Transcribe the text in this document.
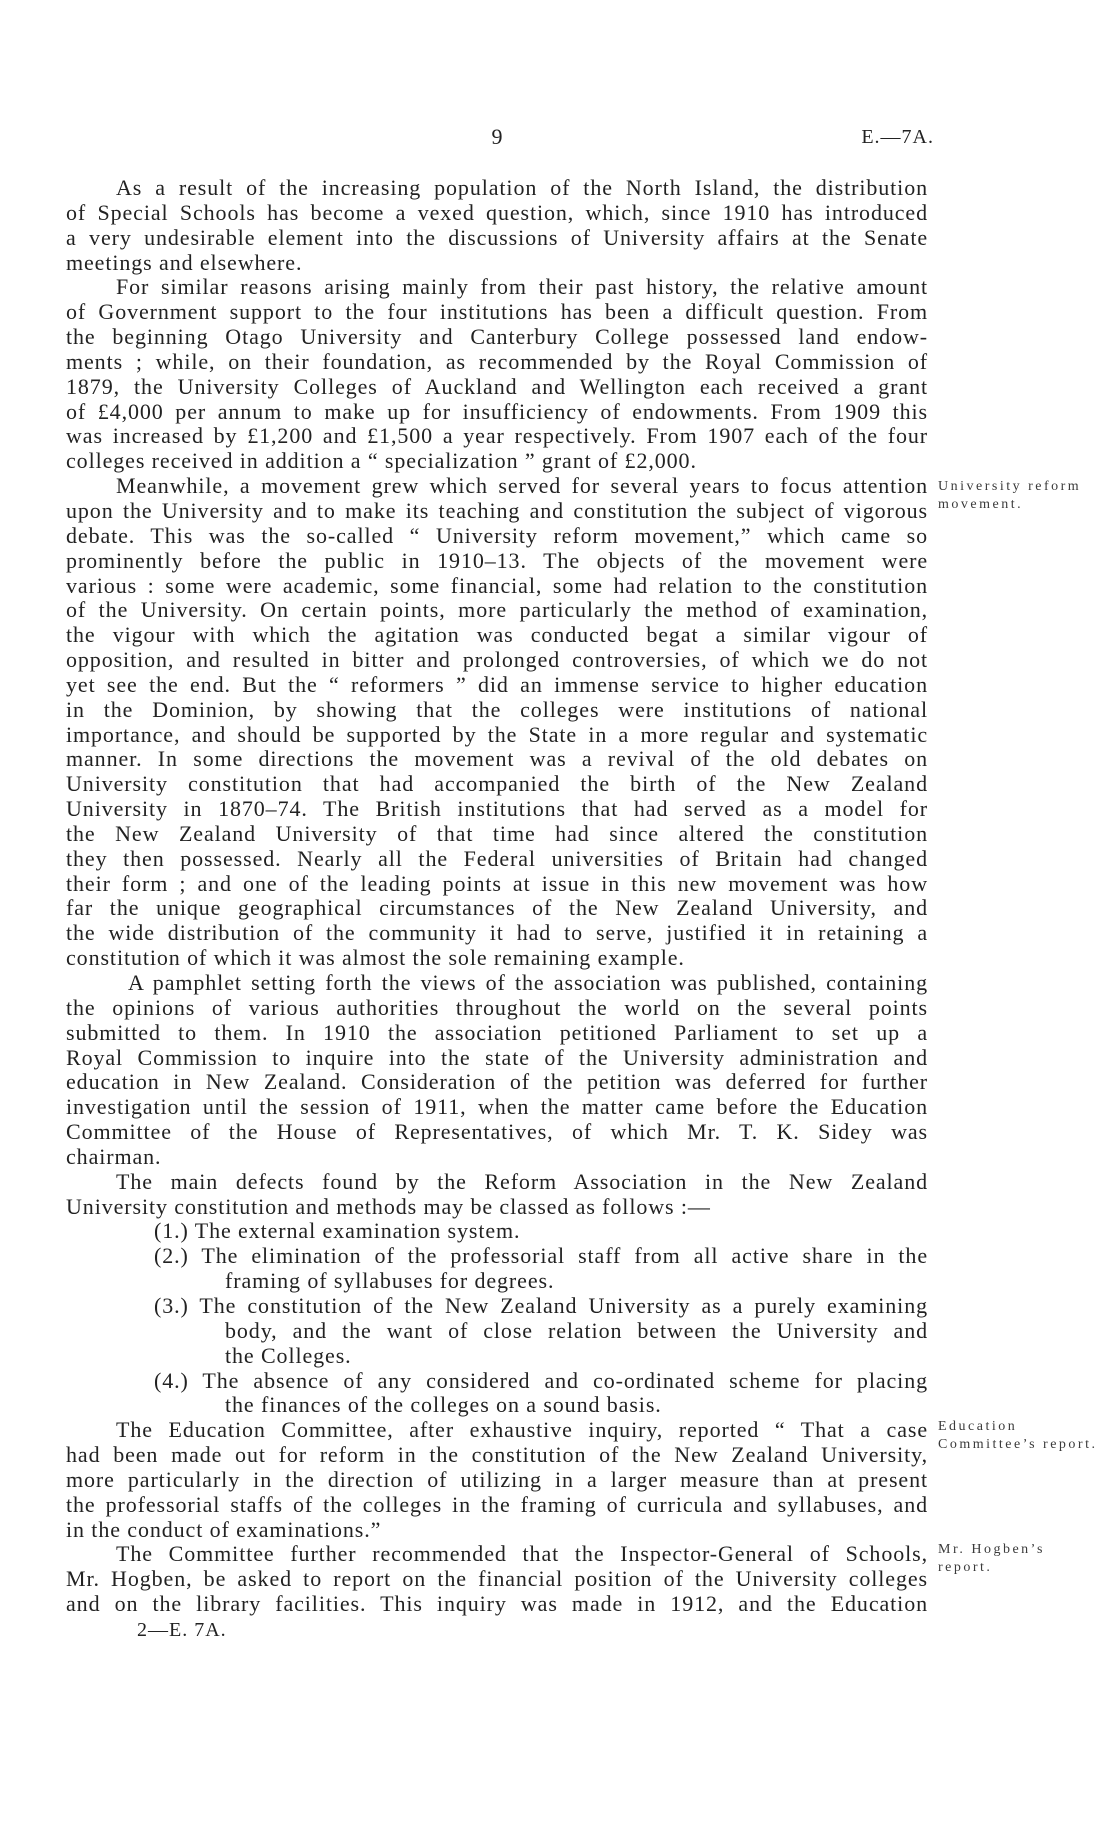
9	E.—7A.
As a result of the increasing population of the North Island, the distribution
of Special Schools has become a vexed question, which, since 1910 has introduced
a very undesirable element into the discussions of University affairs at the Senate
meetings and elsewhere.
For similar reasons arising mainly from their past history, the relative amount
of Government support to the four institutions has been a difficult question. From
the beginning Otago University and Canterbury College possessed land endow-
ments ; while, on their foundation, as recommended by the Royal Commission of
1879, the University Colleges of Auckland and Wellington each received a grant
of £4,000 per annum to make up for insufficiency of endowments. From 1909 this
was increased by £1,200 and £1,500 a year respectively. From 1907 each of the four
colleges received in addition a “ specialization ” grant of £2,000.
Meanwhile, a movement grew which served for several years to focus attention
upon the University and to make its teaching and constitution the subject of vigorous
debate. This was the so-called “ University reform movement,” which came so
prominently before the public in 1910–13. The objects of the movement were
various : some were academic, some financial, some had relation to the constitution
of the University. On certain points, more particularly the method of examination,
the vigour with which the agitation was conducted begat a similar vigour of
opposition, and resulted in bitter and prolonged controversies, of which we do not
yet see the end. But the “ reformers ” did an immense service to higher education
in the Dominion, by showing that the colleges were institutions of national
importance, and should be supported by the State in a more regular and systematic
manner. In some directions the movement was a revival of the old debates on
University constitution that had accompanied the birth of the New Zealand
University in 1870–74. The British institutions that had served as a model for
the New Zealand University of that time had since altered the constitution
they then possessed. Nearly all the Federal universities of Britain had changed
their form ; and one of the leading points at issue in this new movement was how
far the unique geographical circumstances of the New Zealand University, and
the wide distribution of the community it had to serve, justified it in retaining a
constitution of which it was almost the sole remaining example.
A pamphlet setting forth the views of the association was published, containing
the opinions of various authorities throughout the world on the several points
submitted to them. In 1910 the association petitioned Parliament to set up a
Royal Commission to inquire into the state of the University administration and
education in New Zealand. Consideration of the petition was deferred for further
investigation until the session of 1911, when the matter came before the Education
Committee of the House of Representatives, of which Mr. T. K. Sidey was
chairman.
The main defects found by the Reform Association in the New Zealand
University constitution and methods may be classed as follows :—
(1.) The external examination system.
(2.) The elimination of the professorial staff from all active share in the
framing of syllabuses for degrees.
(3.) The constitution of the New Zealand University as a purely examining
body, and the want of close relation between the University and
the Colleges.
(4.) The absence of any considered and co-ordinated scheme for placing
the finances of the colleges on a sound basis.
The Education Committee, after exhaustive inquiry, reported “ That a case
had been made out for reform in the constitution of the New Zealand University,
more particularly in the direction of utilizing in a larger measure than at present
the professorial staffs of the colleges in the framing of curricula and syllabuses, and
in the conduct of examinations.”
The Committee further recommended that the Inspector-General of Schools,
Mr. Hogben, be asked to report on the financial position of the University colleges
and on the library facilities. This inquiry was made in 1912, and the Education
University reform
movement.
Education
Committee’s report.
Mr. Hogben’s
report.
2—E. 7A.
